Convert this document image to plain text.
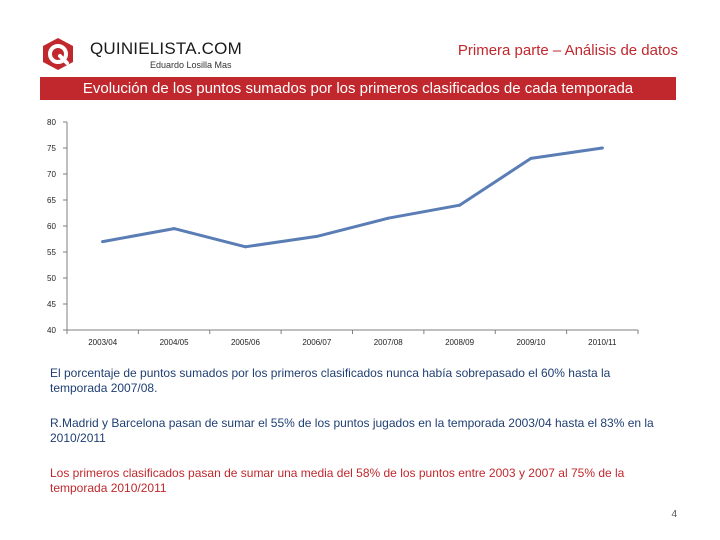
QUINIELISTA.COM
Eduardo Losilla Mas
Primera parte – Análisis de datos
Evolución de los puntos sumados por los primeros clasificados de cada temporada
40
45
50
55
60
65
70
75
80
2003/04	2004/05	2005/06	2006/07	2007/08	2008/09	2009/10	2010/11
El porcentaje de puntos sumados por los primeros clasificados nunca había sobrepasado el 60% hasta la temporada 2007/08.
R.Madrid y Barcelona pasan de sumar el 55% de los puntos jugados en la temporada 2003/04 hasta el 83% en la 2010/2011
Los primeros clasificados pasan de sumar una media del 58% de los puntos entre 2003 y 2007 al 75% de la temporada 2010/2011
4
